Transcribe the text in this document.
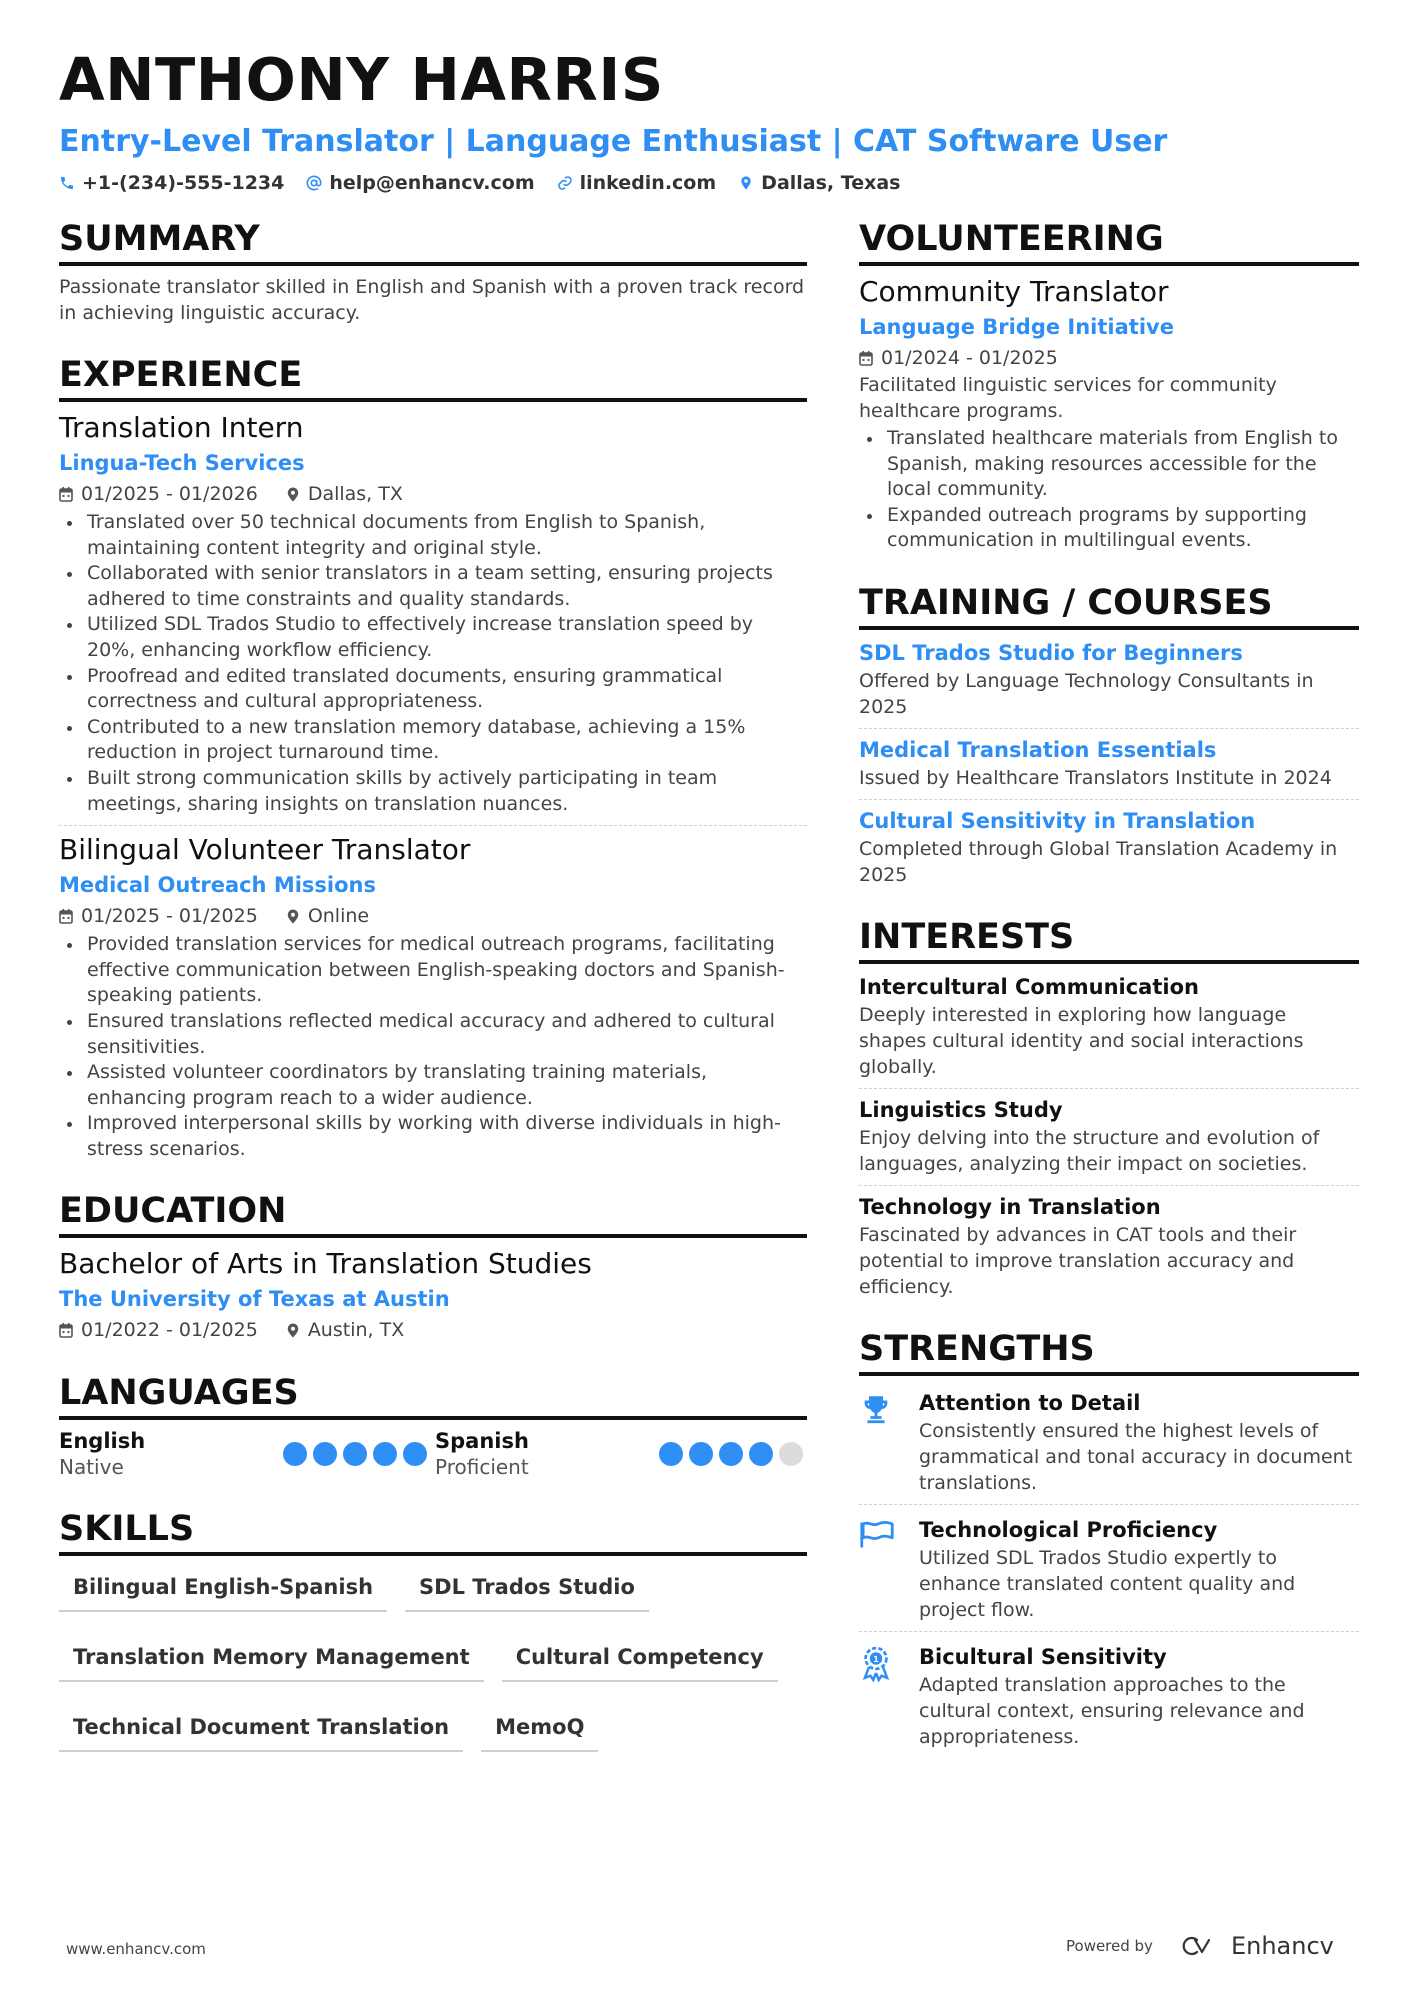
ANTHONY HARRIS
Entry-Level Translator | Language Enthusiast | CAT Software User
+1-(234)-555-1234 help@enhancv.com linkedin.com Dallas, Texas
SUMMARY
Passionate translator skilled in English and Spanish with a proven track record in achieving linguistic accuracy.
EXPERIENCE
Translation Intern
Lingua-Tech Services
01/2025 - 01/2026	Dallas, TX
Translated over 50 technical documents from English to Spanish, maintaining content integrity and original style.
Collaborated with senior translators in a team setting, ensuring projects adhered to time constraints and quality standards.
Utilized SDL Trados Studio to effectively increase translation speed by 20%, enhancing workflow efficiency.
Proofread and edited translated documents, ensuring grammatical correctness and cultural appropriateness.
Contributed to a new translation memory database, achieving a 15% reduction in project turnaround time.
Built strong communication skills by actively participating in team meetings, sharing insights on translation nuances.
Bilingual Volunteer Translator
Medical Outreach Missions
01/2025 - 01/2025	Online
Provided translation services for medical outreach programs, facilitating effective communication between English-speaking doctors and Spanish-speaking patients.
Ensured translations reflected medical accuracy and adhered to cultural sensitivities.
Assisted volunteer coordinators by translating training materials, enhancing program reach to a wider audience.
Improved interpersonal skills by working with diverse individuals in high-stress scenarios.
EDUCATION
Bachelor of Arts in Translation Studies
The University of Texas at Austin
01/2022 - 01/2025	Austin, TX
LANGUAGES
English
Native
Spanish
Proficient
SKILLS
Bilingual English-Spanish	SDL Trados Studio
Translation Memory Management	Cultural Competency
Technical Document Translation	MemoQ
VOLUNTEERING
Community Translator
Language Bridge Initiative
01/2024 - 01/2025
Facilitated linguistic services for community healthcare programs.
Translated healthcare materials from English to Spanish, making resources accessible for the local community.
Expanded outreach programs by supporting communication in multilingual events.
TRAINING / COURSES
SDL Trados Studio for Beginners
Offered by Language Technology Consultants in 2025
Medical Translation Essentials
Issued by Healthcare Translators Institute in 2024
Cultural Sensitivity in Translation
Completed through Global Translation Academy in 2025
INTERESTS
Intercultural Communication
Deeply interested in exploring how language shapes cultural identity and social interactions globally.
Linguistics Study
Enjoy delving into the structure and evolution of languages, analyzing their impact on societies.
Technology in Translation
Fascinated by advances in CAT tools and their potential to improve translation accuracy and efficiency.
STRENGTHS
Attention to Detail
Consistently ensured the highest levels of grammatical and tonal accuracy in document translations.
Technological Proficiency
Utilized SDL Trados Studio expertly to enhance translated content quality and project flow.
1 Bicultural Sensitivity
Adapted translation approaches to the cultural context, ensuring relevance and appropriateness.
www.enhancv.com	Powered by	Enhancv
